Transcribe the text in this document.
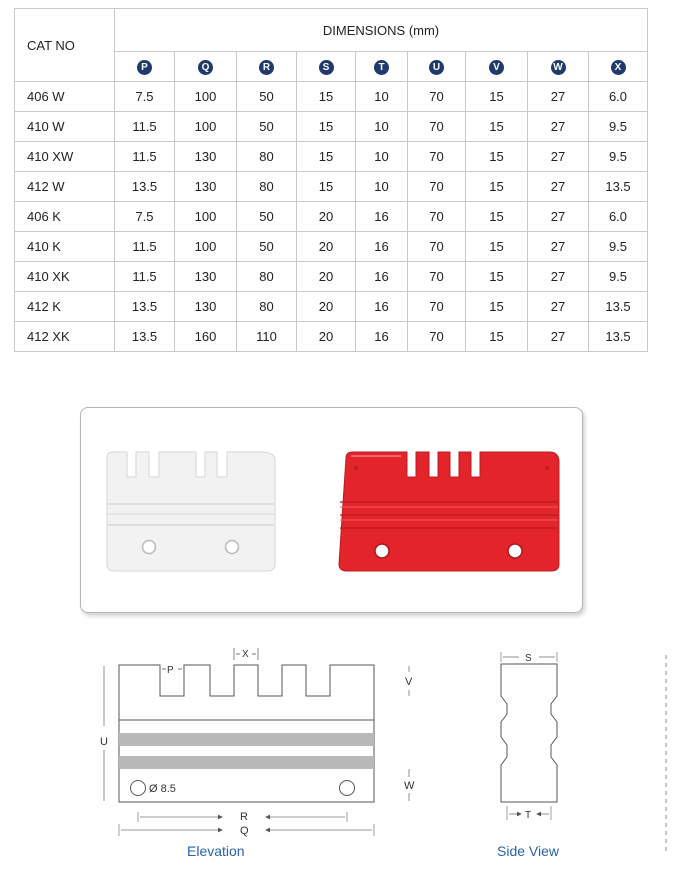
CAT NO	DIMENSIONS (mm)								
	P	Q	R	S	T	U	V	W	X
406 W	7.5	100	50	15	10	70	15	27	6.0
410 W	11.5	100	50	15	10	70	15	27	9.5
410 XW	11.5	130	80	15	10	70	15	27	9.5
412 W	13.5	130	80	15	10	70	15	27	13.5
406 K	7.5	100	50	20	16	70	15	27	6.0
410 K	11.5	100	50	20	16	70	15	27	9.5
410 XK	11.5	130	80	20	16	70	15	27	9.5
412 K	13.5	130	80	20	16	70	15	27	13.5
412 XK	13.5	160	110	20	16	70	15	27	13.5
Ø 8.5
P
X
U
V
W
R
Q
S
T
Elevation	Side View
